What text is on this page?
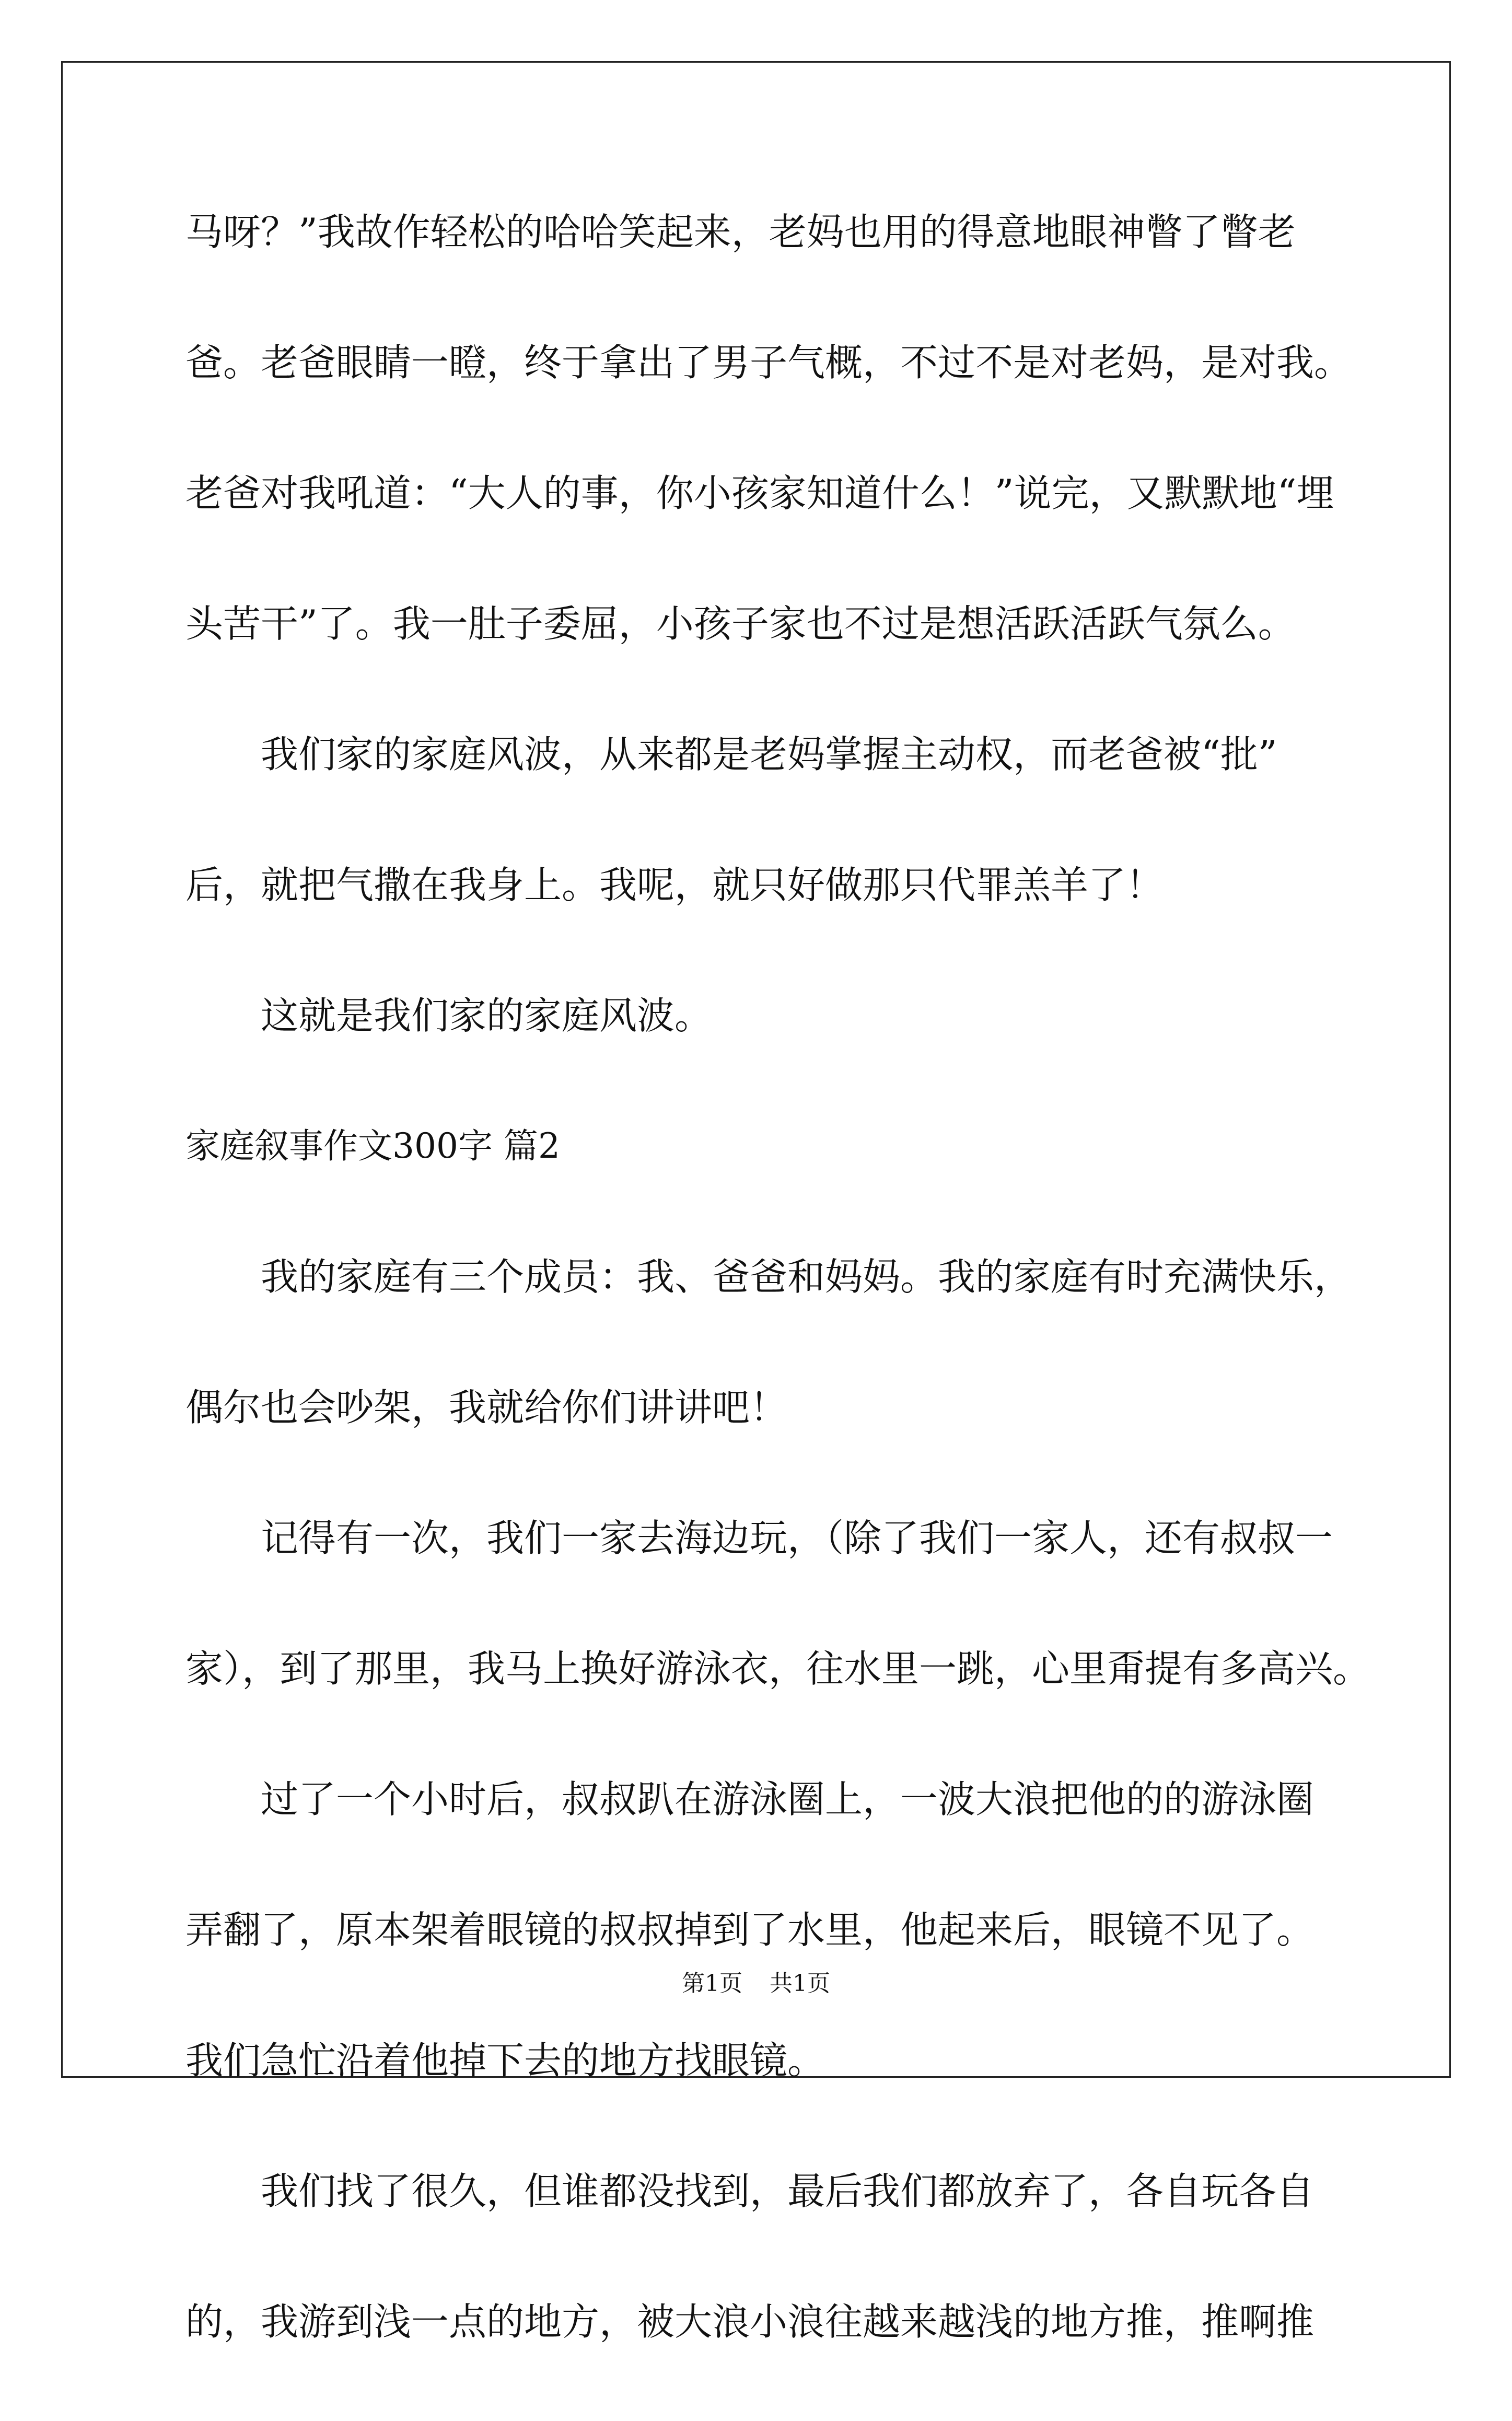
马呀？”我故作轻松的哈哈笑起来，老妈也用的得意地眼神瞥了瞥老
爸。老爸眼睛一瞪，终于拿出了男子气概，不过不是对老妈，是对我。
老爸对我吼道：“大人的事，你小孩家知道什么！”说完，又默默地“埋
头苦干”了。我一肚子委屈，小孩子家也不过是想活跃活跃气氛么。
我们家的家庭风波，从来都是老妈掌握主动权，而老爸被“批”
后，就把气撒在我身上。我呢，就只好做那只代罪羔羊了！
这就是我们家的家庭风波。
家庭叙事作文300字 篇2
我的家庭有三个成员：我、爸爸和妈妈。我的家庭有时充满快乐，
偶尔也会吵架，我就给你们讲讲吧！
记得有一次，我们一家去海边玩，（除了我们一家人，还有叔叔一
家），到了那里，我马上换好游泳衣，往水里一跳，心里甭提有多高兴。
过了一个小时后，叔叔趴在游泳圈上，一波大浪把他的的游泳圈
弄翻了，原本架着眼镜的叔叔掉到了水里，他起来后，眼镜不见了。
我们急忙沿着他掉下去的地方找眼镜。
我们找了很久，但谁都没找到，最后我们都放弃了，各自玩各自
的，我游到浅一点的地方，被大浪小浪往越来越浅的地方推，推啊推
第1页 共1页
